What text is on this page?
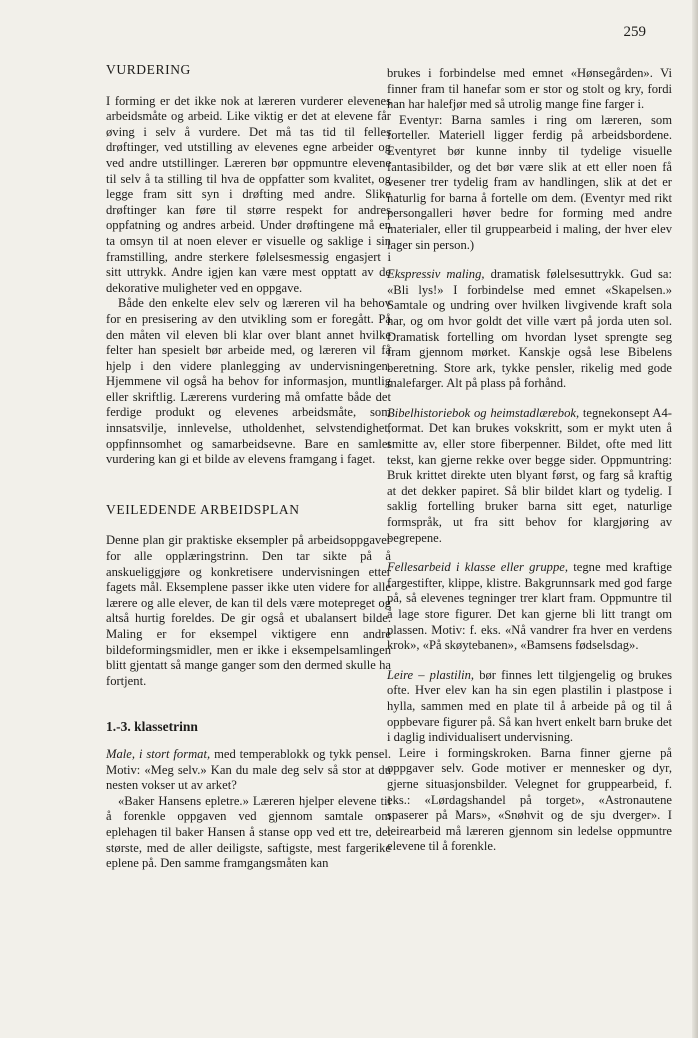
259
VURDERING

I forming er det ikke nok at læreren vurderer elevenes arbeidsmåte og arbeid. Like viktig er det at elevene får øving i selv å vurdere. Det må tas tid til felles drøftinger, ved utstilling av elevenes egne arbeider og ved andre utstillinger. Læreren bør oppmuntre elevene til selv å ta stilling til hva de oppfatter som kvalitet, og legge fram sitt syn i drøfting med andre. Slike drøftinger kan føre til større respekt for andres oppfatning og andres arbeid. Under drøftingene må en ta omsyn til at noen elever er visuelle og saklige i sin framstilling, andre sterkere følelsesmessig engasjert i sitt uttrykk. Andre igjen kan være mest opptatt av de dekorative muligheter ved en oppgave.

Både den enkelte elev selv og læreren vil ha behov for en presisering av den utvikling som er foregått. På den måten vil eleven bli klar over blant annet hvilke felter han spesielt bør arbeide med, og læreren vil få hjelp i den videre planlegging av undervisningen. Hjemmene vil også ha behov for informasjon, muntlig eller skriftlig. Lærerens vurdering må omfatte både det ferdige produkt og elevenes arbeidsmåte, som innsatsvilje, innlevelse, utholdenhet, selvstendighet, oppfinnsomhet og samarbeidsevne. Bare en samlet vurdering kan gi et bilde av elevens framgang i faget.

VEILEDENDE ARBEIDSPLAN

Denne plan gir praktiske eksempler på arbeidsoppgaver for alle opplæringstrinn. Den tar sikte på å anskueliggjøre og konkretisere undervisningen etter fagets mål. Eksemplene passer ikke uten videre for alle lærere og alle elever, de kan til dels være motepreget og altså hurtig foreldes. De gir også et ubalansert bilde. Maling er for eksempel viktigere enn andre bildeformingsmidler, men er ikke i eksempelsamlingen blitt gjentatt så mange ganger som den dermed skulle ha fortjent.

1.-3. klassetrinn

Male, i stort format, med temperablokk og tykk pensel. Motiv: «Meg selv.» Kan du male deg selv så stor at du nesten vokser ut av arket?

«Baker Hansens epletre.» Læreren hjelper elevene til å forenkle oppgaven ved gjennom samtale om eplehagen til baker Hansen å stanse opp ved ett tre, det største, med de aller deiligste, saftigste, mest fargerike eplene på. Den samme framgangsmåten kan

brukes i forbindelse med emnet «Hønsegården». Vi finner fram til hanefar som er stor og stolt og kry, fordi han har halefjør med så utrolig mange fine farger i.

Eventyr: Barna samles i ring om læreren, som forteller. Materiell ligger ferdig på arbeidsbordene. Eventyret bør kunne innby til tydelige visuelle fantasibilder, og det bør være slik at ett eller noen få vesener trer tydelig fram av handlingen, slik at det er naturlig for barna å fortelle om dem. (Eventyr med rikt persongalleri høver bedre for forming med andre materialer, eller til gruppearbeid i maling, der hver elev lager sin person.)

Ekspressiv maling, dramatisk følelsesuttrykk. Gud sa: «Bli lys!» I forbindelse med emnet «Skapelsen.» Samtale og undring over hvilken livgivende kraft sola har, og om hvor goldt det ville vært på jorda uten sol. Dramatisk fortelling om hvordan lyset sprengte seg fram gjennom mørket. Kanskje også lese Bibelens beretning. Store ark, tykke pensler, rikelig med gode malefarger. Alt på plass på forhånd.

Bibelhistoriebok og heimstadlærebok, tegnekonsept A4-format. Det kan brukes vokskritt, som er mykt uten å smitte av, eller store fiberpenner. Bildet, ofte med litt tekst, kan gjerne rekke over begge sider. Oppmuntring: Bruk krittet direkte uten blyant først, og farg så kraftig at det dekker papiret. Så blir bildet klart og tydelig. I saklig fortelling bruker barna sitt eget, naturlige formspråk, ut fra sitt behov for klargjøring av begrepene.

Fellesarbeid i klasse eller gruppe, tegne med kraftige fargestifter, klippe, klistre. Bakgrunnsark med god farge på, så elevenes tegninger trer klart fram. Oppmuntre til å lage store figurer. Det kan gjerne bli litt trangt om plassen. Motiv: f. eks. «Nå vandrer fra hver en verdens krok», «På skøytebanen», «Bamsens fødselsdag».

Leire – plastilin, bør finnes lett tilgjengelig og brukes ofte. Hver elev kan ha sin egen plastilin i plastpose i hylla, sammen med en plate til å arbeide på og til å oppbevare figurer på. Så kan hvert enkelt barn bruke det i daglig individualisert undervisning.

Leire i formingskroken. Barna finner gjerne på oppgaver selv. Gode motiver er mennesker og dyr, gjerne situasjonsbilder. Velegnet for gruppearbeid, f. eks.: «Lørdagshandel på torget», «Astronautene spaserer på Mars», «Snøhvit og de sju dverger». I leirearbeid må læreren gjennom sin ledelse oppmuntre elevene til å forenkle.
